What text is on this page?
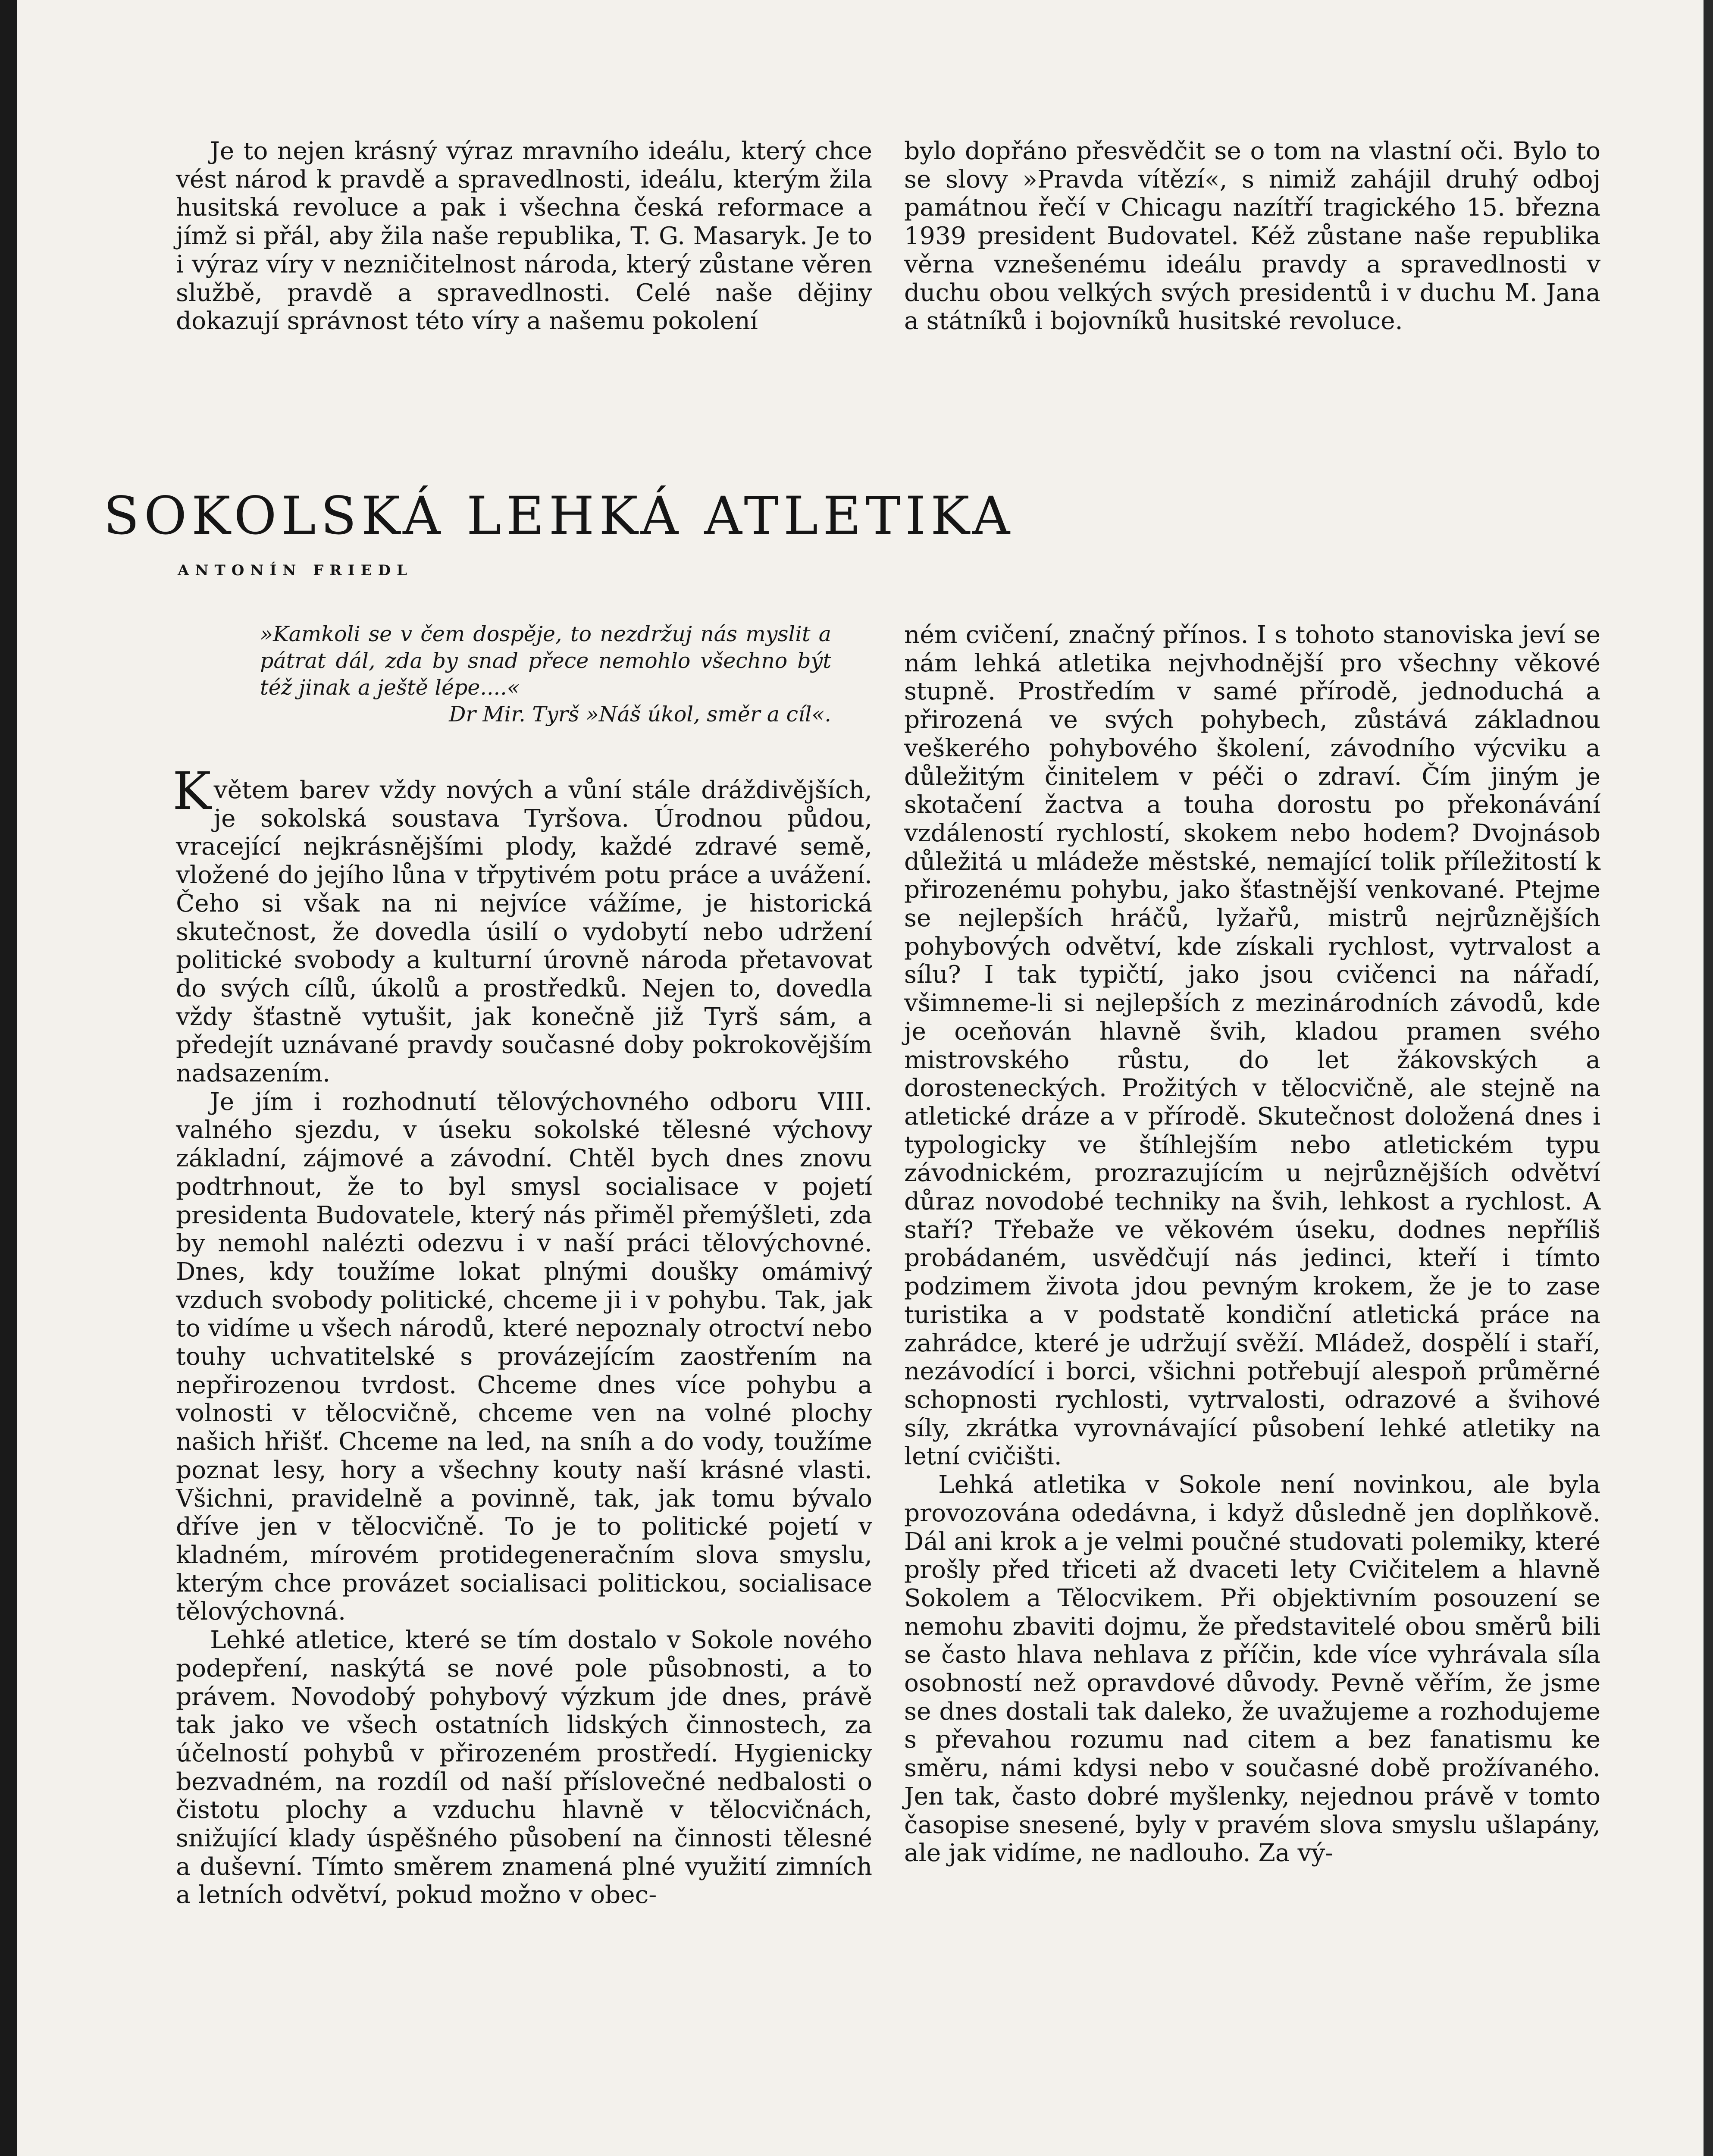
Je to nejen krásný výraz mravního ideálu, který chce vést národ k pravdě a spravedlnosti, ideálu, kterým žila husitská revoluce a pak i všechna česká reformace a jímž si přál, aby žila naše republika, T. G. Masaryk. Je to i výraz víry v nezničitelnost národa, který zůstane věren službě, pravdě a spravedlnosti. Celé naše dějiny dokazují správnost této víry a našemu pokolení

bylo dopřáno přesvědčit se o tom na vlastní oči. Bylo to se slovy »Pravda vítězí«, s nimiž zahájil druhý odboj památnou řečí v Chicagu nazítří tragického 15. března 1939 president Budovatel. Kéž zůstane naše republika věrna vznešenému ideálu pravdy a spravedlnosti v duchu obou velkých svých presidentů i v duchu M. Jana a státníků i bojovníků husitské revoluce.

SOKOLSKÁ LEHKÁ ATLETIKA
ANTONÍN FRIEDL
»Kamkoli se v čem dospěje, to nezdržuj nás myslit a pátrat dál, zda by snad přece nemohlo všechno být též jinak a ještě lépe....«
Dr Mir. Tyrš »Náš úkol, směr a cíl«.

Květem barev vždy nových a vůní stále dráždivějších, je sokolská soustava Tyršova. Úrodnou půdou, vracející nejkrásnějšími plody, každé zdravé semě, vložené do jejího lůna v třpytivém potu práce a uvážení. Čeho si však na ni nejvíce vážíme, je historická skutečnost, že dovedla úsilí o vydobytí nebo udržení politické svobody a kulturní úrovně národa přetavovat do svých cílů, úkolů a prostředků. Nejen to, dovedla vždy šťastně vytušit, jak konečně již Tyrš sám, a předejít uznávané pravdy současné doby pokrokovějším nadsazením.

Je jím i rozhodnutí tělovýchovného odboru VIII. valného sjezdu, v úseku sokolské tělesné výchovy základní, zájmové a závodní. Chtěl bych dnes znovu podtrhnout, že to byl smysl socialisace v pojetí presidenta Budovatele, který nás přiměl přemýšleti, zda by nemohl nalézti odezvu i v naší práci tělovýchovné. Dnes, kdy toužíme lokat plnými doušky omámivý vzduch svobody politické, chceme ji i v pohybu. Tak, jak to vidíme u všech národů, které nepoznaly otroctví nebo touhy uchvatitelské s provázejícím zaostřením na nepřirozenou tvrdost. Chceme dnes více pohybu a volnosti v tělocvičně, chceme ven na volné plochy našich hřišť. Chceme na led, na sníh a do vody, toužíme poznat lesy, hory a všechny kouty naší krásné vlasti. Všichni, pravidelně a povinně, tak, jak tomu bývalo dříve jen v tělocvičně. To je to politické pojetí v kladném, mírovém protidegeneračním slova smyslu, kterým chce provázet socialisaci politickou, socialisace tělovýchovná.

Lehké atletice, které se tím dostalo v Sokole nového podepření, naskýtá se nové pole působnosti, a to právem. Novodobý pohybový výzkum jde dnes, právě tak jako ve všech ostatních lidských činnostech, za účelností pohybů v přirozeném prostředí. Hygienicky bezvadném, na rozdíl od naší příslovečné nedbalosti o čistotu plochy a vzduchu hlavně v tělocvičnách, snižující klady úspěšného působení na činnosti tělesné a duševní. Tímto směrem znamená plné využití zimních a letních odvětví, pokud možno v obec-

ném cvičení, značný přínos. I s tohoto stanoviska jeví se nám lehká atletika nejvhodnější pro všechny věkové stupně. Prostředím v samé přírodě, jednoduchá a přirozená ve svých pohybech, zůstává základnou veškerého pohybového školení, závodního výcviku a důležitým činitelem v péči o zdraví. Čím jiným je skotačení žactva a touha dorostu po překonávání vzdáleností rychlostí, skokem nebo hodem? Dvojnásob důležitá u mládeže městské, nemající tolik příležitostí k přirozenému pohybu, jako šťastnější venkované. Ptejme se nejlepších hráčů, lyžařů, mistrů nejrůznějších pohybových odvětví, kde získali rychlost, vytrvalost a sílu? I tak typičtí, jako jsou cvičenci na nářadí, všimneme-li si nejlepších z mezinárodních závodů, kde je oceňován hlavně švih, kladou pramen svého mistrovského růstu, do let žákovských a dorosteneckých. Prožitých v tělocvičně, ale stejně na atletické dráze a v přírodě. Skutečnost doložená dnes i typologicky ve štíhlejším nebo atletickém typu závodnickém, prozrazujícím u nejrůznějších odvětví důraz novodobé techniky na švih, lehkost a rychlost. A staří? Třebaže ve věkovém úseku, dodnes nepříliš probádaném, usvědčují nás jedinci, kteří i tímto podzimem života jdou pevným krokem, že je to zase turistika a v podstatě kondiční atletická práce na zahrádce, které je udržují svěží. Mládež, dospělí i staří, nezávodící i borci, všichni potřebují alespoň průměrné schopnosti rychlosti, vytrvalosti, odrazové a švihové síly, zkrátka vyrovnávající působení lehké atletiky na letní cvičišti.

Lehká atletika v Sokole není novinkou, ale byla provozována odedávna, i když důsledně jen doplňkově. Dál ani krok a je velmi poučné studovati polemiky, které prošly před třiceti až dvaceti lety Cvičitelem a hlavně Sokolem a Tělocvikem. Při objektivním posouzení se nemohu zbaviti dojmu, že představitelé obou směrů bili se často hlava nehlava z příčin, kde více vyhrávala síla osobností než opravdové důvody. Pevně věřím, že jsme se dnes dostali tak daleko, že uvažujeme a rozhodujeme s převahou rozumu nad citem a bez fanatismu ke směru, námi kdysi nebo v současné době prožívaného. Jen tak, často dobré myšlenky, nejednou právě v tomto časopise snesené, byly v pravém slova smyslu ušlapány, ale jak vidíme, ne nadlouho. Za vý-
